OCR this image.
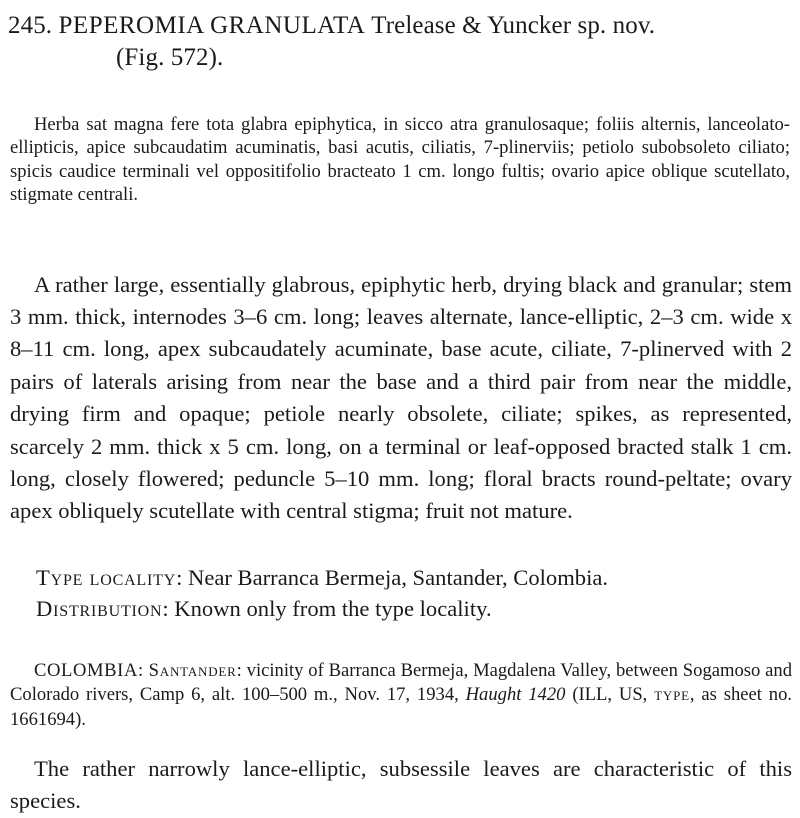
245. PEPEROMIA GRANULATA Trelease & Yuncker sp. nov.
(Fig. 572).

Herba sat magna fere tota glabra epiphytica, in sicco atra granulosaque; foliis alternis, lanceolato-ellipticis, apice subcaudatim acuminatis, basi acutis, ciliatis, 7-plinerviis; petiolo subobsoleto ciliato; spicis caudice terminali vel oppositifolio bracteato 1 cm. longo fultis; ovario apice oblique scutellato, stigmate centrali.

A rather large, essentially glabrous, epiphytic herb, drying black and granular; stem 3 mm. thick, internodes 3–6 cm. long; leaves alternate, lance-elliptic, 2–3 cm. wide x 8–11 cm. long, apex subcaudately acuminate, base acute, ciliate, 7-plinerved with 2 pairs of laterals arising from near the base and a third pair from near the middle, drying firm and opaque; petiole nearly obsolete, ciliate; spikes, as represented, scarcely 2 mm. thick x 5 cm. long, on a terminal or leaf-opposed bracted stalk 1 cm. long, closely flowered; peduncle 5–10 mm. long; floral bracts round-peltate; ovary apex obliquely scutellate with central stigma; fruit not mature.

Type locality: Near Barranca Bermeja, Santander, Colombia.
Distribution: Known only from the type locality.

COLOMBIA: Santander: vicinity of Barranca Bermeja, Magdalena Valley, between Sogamoso and Colorado rivers, Camp 6, alt. 100–500 m., Nov. 17, 1934, Haught 1420 (ILL, US, type, as sheet no. 1661694).

The rather narrowly lance-elliptic, subsessile leaves are characteristic of this species.
